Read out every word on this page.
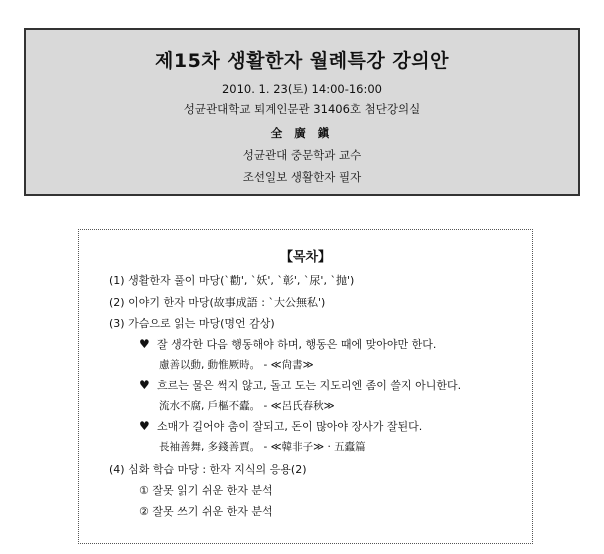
제15차 생활한자 월례특강 강의안
2010. 1. 23(토) 14:00-16:00
성균관대학교 퇴계인문관 31406호 첨단강의실
全 廣 鎭
성균관대 중문학과 교수
조선일보 생활한자 필자
【목차】
(1) 생활한자 풀이 마당(`勸', `妖', `彰', `尿', `抛')
(2) 이야기 한자 마당(故事成語 : `大公無私')
(3) 가슴으로 읽는 마당(명언 감상)
♥ 잘 생각한 다음 행동해야 하며, 행동은 때에 맞아야만 한다.
慮善以動, 動惟厥時。 - ≪尙書≫
♥ 흐르는 물은 썩지 않고, 돌고 도는 지도리엔 좀이 쓸지 아니한다.
流水不腐, 戶樞不蠹。 - ≪呂氏春秋≫
♥ 소매가 길어야 춤이 잘되고, 돈이 많아야 장사가 잘된다.
長袖善舞, 多錢善賈。 - ≪韓非子≫ · 五蠹篇
(4) 심화 학습 마당 : 한자 지식의 응용(2)
① 잘못 읽기 쉬운 한자 분석
② 잘못 쓰기 쉬운 한자 분석
